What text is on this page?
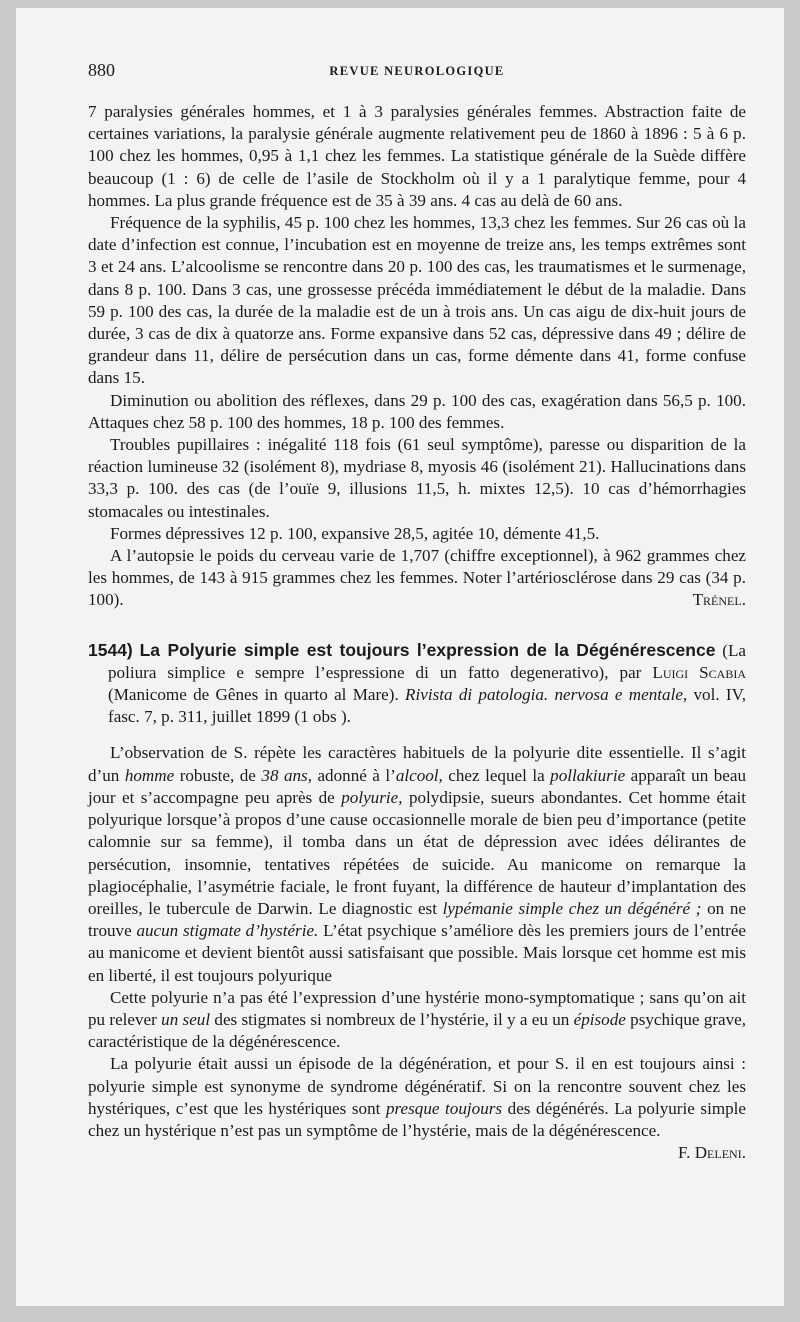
880	REVUE NEUROLOGIQUE

7 paralysies générales hommes, et 1 à 3 paralysies générales femmes. Abstraction faite de certaines variations, la paralysie générale augmente relativement peu de 1860 à 1896 : 5 à 6 p. 100 chez les hommes, 0,95 à 1,1 chez les femmes. La statistique générale de la Suède diffère beaucoup (1 : 6) de celle de l’asile de Stockholm où il y a 1 paralytique femme, pour 4 hommes. La plus grande fréquence est de 35 à 39 ans. 4 cas au delà de 60 ans.

Fréquence de la syphilis, 45 p. 100 chez les hommes, 13,3 chez les femmes. Sur 26 cas où la date d’infection est connue, l’incubation est en moyenne de treize ans, les temps extrêmes sont 3 et 24 ans. L’alcoolisme se rencontre dans 20 p. 100 des cas, les traumatismes et le surmenage, dans 8 p. 100. Dans 3 cas, une grossesse précéda immédiatement le début de la maladie. Dans 59 p. 100 des cas, la durée de la maladie est de un à trois ans. Un cas aigu de dix-huit jours de durée, 3 cas de dix à quatorze ans. Forme expansive dans 52 cas, dépressive dans 49 ; délire de grandeur dans 11, délire de persécution dans un cas, forme démente dans 41, forme confuse dans 15.

Diminution ou abolition des réflexes, dans 29 p. 100 des cas, exagération dans 56,5 p. 100. Attaques chez 58 p. 100 des hommes, 18 p. 100 des femmes.

Troubles pupillaires : inégalité 118 fois (61 seul symptôme), paresse ou disparition de la réaction lumineuse 32 (isolément 8), mydriase 8, myosis 46 (isolément 21). Hallucinations dans 33,3 p. 100. des cas (de l’ouïe 9, illusions 11,5, h. mixtes 12,5). 10 cas d’hémorrhagies stomacales ou intestinales.

Formes dépressives 12 p. 100, expansive 28,5, agitée 10, démente 41,5.

A l’autopsie le poids du cerveau varie de 1,707 (chiffre exceptionnel), à 962 grammes chez les hommes, de 143 à 915 grammes chez les femmes. Noter l’artériosclérose dans 29 cas (34 p. 100).	Trénel.

1544) La Polyurie simple est toujours l’expression de la Dégénérescence (La poliura simplice e sempre l’espressione di un fatto degenerativo), par Luigi Scabia (Manicome de Gênes in quarto al Mare). Rivista di patologia. nervosa e mentale, vol. IV, fasc. 7, p. 311, juillet 1899 (1 obs ).

L’observation de S. répète les caractères habituels de la polyurie dite essentielle. Il s’agit d’un homme robuste, de 38 ans, adonné à l’alcool, chez lequel la pollakiurie apparaît un beau jour et s’accompagne peu après de polyurie, polydipsie, sueurs abondantes. Cet homme était polyurique lorsque’à propos d’une cause occasionnelle morale de bien peu d’importance (petite calomnie sur sa femme), il tomba dans un état de dépression avec idées délirantes de persécution, insomnie, tentatives répétées de suicide. Au manicome on remarque la plagiocéphalie, l’asymétrie faciale, le front fuyant, la différence de hauteur d’implantation des oreilles, le tubercule de Darwin. Le diagnostic est lypémanie simple chez un dégénéré ; on ne trouve aucun stigmate d’hystérie. L’état psychique s’améliore dès les premiers jours de l’entrée au manicome et devient bientôt aussi satisfaisant que possible. Mais lorsque cet homme est mis en liberté, il est toujours polyurique

Cette polyurie n’a pas été l’expression d’une hystérie mono-symptomatique ; sans qu’on ait pu relever un seul des stigmates si nombreux de l’hystérie, il y a eu un épisode psychique grave, caractéristique de la dégénérescence.

La polyurie était aussi un épisode de la dégénération, et pour S. il en est toujours ainsi : polyurie simple est synonyme de syndrome dégénératif. Si on la rencontre souvent chez les hystériques, c’est que les hystériques sont presque toujours des dégénérés. La polyurie simple chez un hystérique n’est pas un symptôme de l’hystérie, mais de la dégénérescence.
F. Deleni.
